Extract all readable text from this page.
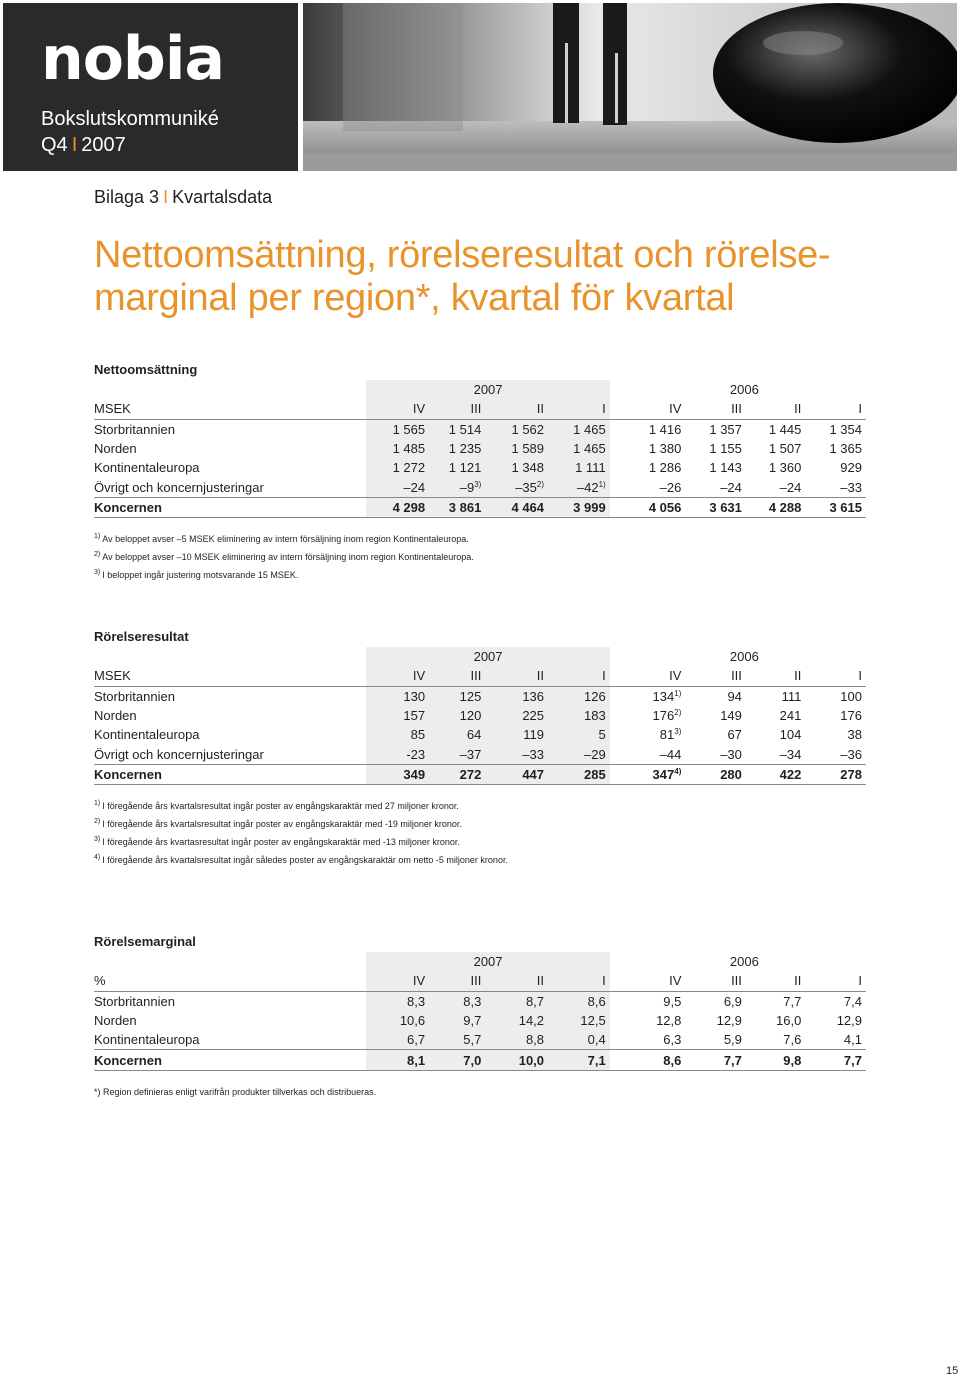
nobia
Bokslutskommuniké
Q4 I 2007
Bilaga 3 I Kvartalsdata
Nettoomsättning, rörelseresultat och rörelse-marginal per region*, kvartal för kvartal
Nettoomsättning
	2007					2006			
MSEK	IV	III	II	I		IV	III	II	I
Storbritannien	1 565	1 514	1 562	1 465		1 416	1 357	1 445	1 354
Norden	1 485	1 235	1 589	1 465		1 380	1 155	1 507	1 365
Kontinentaleuropa	1 272	1 121	1 348	1 111		1 286	1 143	1 360	929
Övrigt och koncernjusteringar	–24	–9$^{3)}$	–35$^{2)}$	–42$^{1)}$		–26	–24	–24	–33
Koncernen	4 298	3 861	4 464	3 999		4 056	3 631	4 288	3 615
$^{1)}$ Av beloppet avser –5 MSEK eliminering av intern försäljning inom region Kontinentaleuropa.
$^{2)}$ Av beloppet avser –10 MSEK eliminering av intern försäljning inom region Kontinentaleuropa.
$^{3)}$ I beloppet ingår justering motsvarande 15 MSEK.
Rörelseresultat
	2007					2006			
MSEK	IV	III	II	I		IV	III	II	I
Storbritannien	130	125	136	126		134$^{1)}$	94	111	100
Norden	157	120	225	183		176$^{2)}$	149	241	176
Kontinentaleuropa	85	64	119	5		81$^{3)}$	67	104	38
Övrigt och koncernjusteringar	-23	–37	–33	–29		–44	–30	–34	–36
Koncernen	349	272	447	285		347$^{4)}$	280	422	278
$^{1)}$ I föregående års kvartalsresultat ingår poster av engångskaraktär med 27 miljoner kronor.
$^{2)}$ I föregående års kvartalsresultat ingår poster av engångskaraktär med -19 miljoner kronor.
$^{3)}$ I föregående års kvartasresultat ingår poster av engångskaraktär med -13 miljoner kronor.
$^{4)}$ I föregående års kvartalsresultat ingår således poster av engångskaraktär om netto -5 miljoner kronor.
Rörelsemarginal
	2007					2006			
%	IV	III	II	I		IV	III	II	I
Storbritannien	8,3	8,3	8,7	8,6		9,5	6,9	7,7	7,4
Norden	10,6	9,7	14,2	12,5		12,8	12,9	16,0	12,9
Kontinentaleuropa	6,7	5,7	8,8	0,4		6,3	5,9	7,6	4,1
Koncernen	8,1	7,0	10,0	7,1		8,6	7,7	9,8	7,7
*) Region definieras enligt varifrån produkter tillverkas och distribueras.
15
